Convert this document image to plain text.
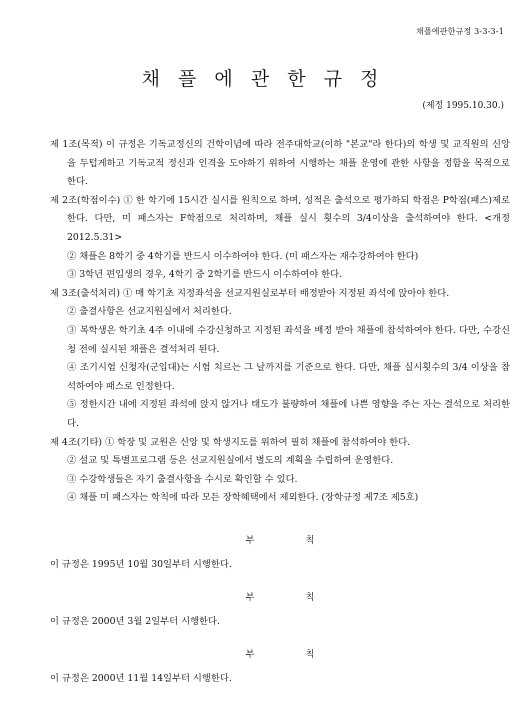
채플에관한규정 3-3-3-1
채 플 에 관 한 규 정
(제정 1995.10.30.)

제 1조(목적) 이 규정은 기독교정신의 건학이념에 따라 전주대학교(이하 "본교"라 한다)의 학생 및 교직원의 신앙을 두텁게하고 기독교적 정신과 인격을 도야하기 위하여 시행하는 채플 운영에 관한 사항을 정함을 목적으로 한다.

제 2조(학점이수) ① 한 학기에 15시간 실시를 원칙으로 하며, 성적은 출석으로 평가하되 학점은 P학점(패스)제로 한다. 다만, 미 패스자는 F학점으로 처리하며, 채플 실시 횟수의 3/4이상을 출석하여야 한다. <개정 2012.5.31>

② 채플은 8학기 중 4학기를 반드시 이수하여야 한다. (미 패스자는 재수강하여야 한다)

③ 3학년 편입생의 경우, 4학기 중 2학기를 반드시 이수하여야 한다.

제 3조(출석처리) ① 매 학기초 지정좌석을 선교지원실로부터 배정받아 지정된 좌석에 앉아야 한다.

② 출결사항은 선교지원실에서 처리한다.

③ 복학생은 학기초 4주 이내에 수강신청하고 지정된 좌석을 배정 받아 채플에 참석하여야 한다. 다만, 수강신청 전에 실시된 채플은 결석처리 된다.

④ 조기시험 신청자(군입대)는 시험 치르는 그 날까지를 기준으로 한다. 다만, 채플 실시횟수의 3/4 이상을 참석하여야 패스로 인정한다.

⑤ 정한시간 내에 지정된 좌석에 앉지 않거나 태도가 불량하여 채플에 나쁜 영향을 주는 자는 결석으로 처리한다.

제 4조(기타) ① 학장 및 교원은 신앙 및 학생지도를 위하여 필히 채플에 참석하여야 한다.

② 설교 및 특별프로그램 등은 선교지원실에서 별도의 계획을 수립하여 운영한다.

③ 수강학생들은 자기 출결사항을 수시로 확인할 수 있다.

④ 채플 미 패스자는 학칙에 따라 모든 장학혜택에서 제외한다. (장학규정 제7조 제5호)

부 칙
이 규정은 1995년 10월 30일부터 시행한다.
부 칙
이 규정은 2000년 3월 2일부터 시행한다.
부 칙
이 규정은 2000년 11월 14일부터 시행한다.
